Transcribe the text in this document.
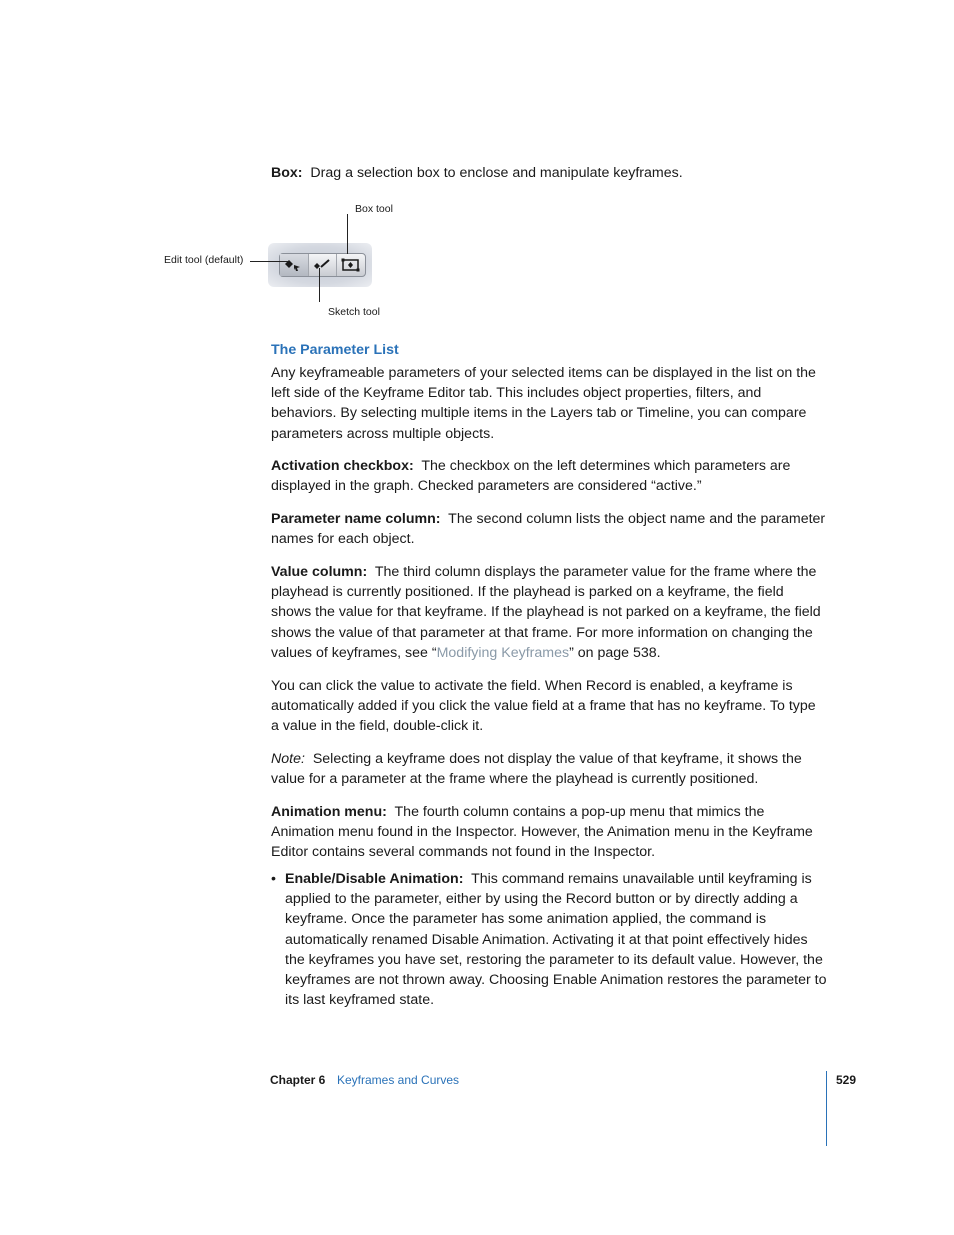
Box: Drag a selection box to enclose and manipulate keyframes.

Box tool
Edit tool (default)
Sketch tool
The Parameter List

Any keyframeable parameters of your selected items can be displayed in the list on the left side of the Keyframe Editor tab. This includes object properties, filters, and behaviors. By selecting multiple items in the Layers tab or Timeline, you can compare parameters across multiple objects.

Activation checkbox: The checkbox on the left determines which parameters are displayed in the graph. Checked parameters are considered “active.”

Parameter name column: The second column lists the object name and the parameter names for each object.

Value column: The third column displays the parameter value for the frame where the playhead is currently positioned. If the playhead is parked on a keyframe, the field shows the value for that keyframe. If the playhead is not parked on a keyframe, the field shows the value of that parameter at that frame. For more information on changing the values of keyframes, see “Modifying Keyframes” on page 538.

You can click the value to activate the field. When Record is enabled, a keyframe is automatically added if you click the value field at a frame that has no keyframe. To type a value in the field, double-click it.

Note: Selecting a keyframe does not display the value of that keyframe, it shows the value for a parameter at the frame where the playhead is currently positioned.

Animation menu: The fourth column contains a pop-up menu that mimics the Animation menu found in the Inspector. However, the Animation menu in the Keyframe Editor contains several commands not found in the Inspector.

• Enable/Disable Animation: This command remains unavailable until keyframing is applied to the parameter, either by using the Record button or by directly adding a keyframe. Once the parameter has some animation applied, the command is automatically renamed Disable Animation. Activating it at that point effectively hides the keyframes you have set, restoring the parameter to its default value. However, the keyframes are not thrown away. Choosing Enable Animation restores the parameter to its last keyframed state.

Chapter 6 Keyframes and Curves	529
